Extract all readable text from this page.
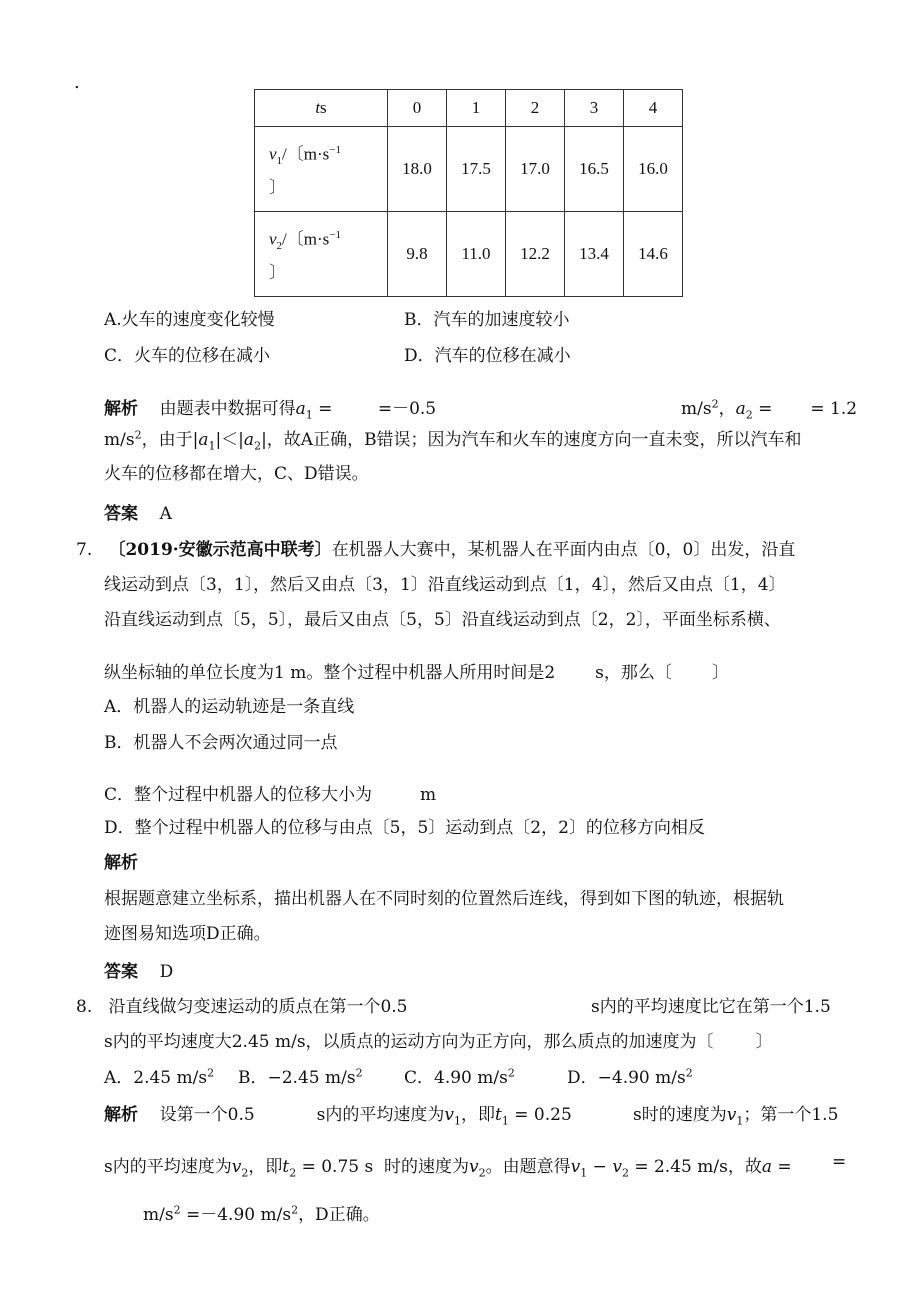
.
ts	0	1	2	3	4
$v_1/$〔$m\cdot s^{-1}$
〕	18.0	17.5	17.0	16.5	16.0
$v_2/$〔$m\cdot s^{-1}$
〕	9.8	11.0	12.2	13.4	14.6
A.火车的速度变化较慢	B．汽车的加速度较小
C．火车的位移在减小	D．汽车的位移在减小
解析 由题表中数据可得$a_1$ =	=－0.5	$m/s^2$，$a_2$ = = 1.2
$m/s^2$，由于$|a_1|<|a_2|$，故A正确，B错误；因为汽车和火车的速度方向一直未变，所以汽车和
火车的位移都在增大，C、D错误。
答案 A
7. 〔2019·安徽示范高中联考〕在机器人大赛中，某机器人在平面内由点〔0，0〕出发，沿直
线运动到点〔3，1〕，然后又由点〔3，1〕沿直线运动到点〔1，4〕，然后又由点〔1，4〕
沿直线运动到点〔5，5〕，最后又由点〔5，5〕沿直线运动到点〔2，2〕，平面坐标系横、
纵坐标轴的单位长度为1 m。整个过程中机器人所用时间是2 s，那么〔 〕
A．机器人的运动轨迹是一条直线
B．机器人不会两次通过同一点
C．整个过程中机器人的位移大小为	m
D．整个过程中机器人的位移与由点〔5，5〕运动到点〔2，2〕的位移方向相反
解析
根据题意建立坐标系，描出机器人在不同时刻的位置然后连线，得到如下图的轨迹，根据轨
迹图易知选项D正确。
答案 D
8. 沿直线做匀变速运动的质点在第一个0.5	s内的平均速度比它在第一个1.5
s内的平均速度大2.45 m/s，以质点的运动方向为正方向，那么质点的加速度为〔 〕
A．2.45 $m/s^2$ B．−2.45 $m/s^2$ C．4.90 $m/s^2$	D．−4.90 $m/s^2$
解析 设第一个0.5	s内的平均速度为$v_1$，即$t_1 = 0.25$	s时的速度为$v_1$；第一个1.5
s内的平均速度为$v_2$，即$t_2 = 0.75$ s 时的速度为$v_2$。由题意得$v_1 - v_2 = 2.45$ m/s，故a = =
$m/s^2 =-4.90$ $m/s^2$，D正确。
